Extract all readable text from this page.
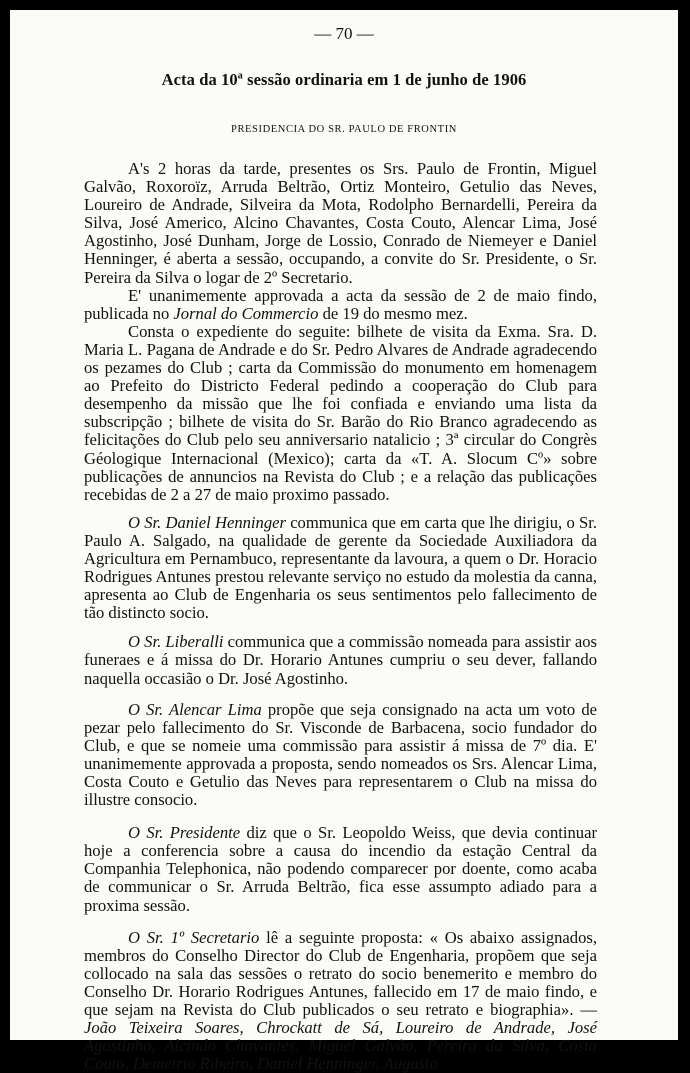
— 70 —
Acta da 10$^a$ sessão ordinaria em 1 de junho de 1906
PRESIDENCIA DO SR. PAULO DE FRONTIN

A's 2 horas da tarde, presentes os Srs. Paulo de Frontin, Miguel Galvão, Roxoroïz, Arruda Beltrão, Ortiz Monteiro, Getulio das Neves, Loureiro de Andrade, Silveira da Mota, Rodolpho Bernardelli, Pereira da Silva, José Americo, Alcino Chavantes, Costa Couto, Alencar Lima, José Agostinho, José Dunham, Jorge de Lossio, Conrado de Niemeyer e Daniel Henninger, é aberta a sessão, occupando, a convite do Sr. Presidente, o Sr. Pereira da Silva o logar de 2º Secretario.

E' unanimemente approvada a acta da sessão de 2 de maio findo, publicada no Jornal do Commercio de 19 do mesmo mez.

Consta o expediente do seguite: bilhete de visita da Exma. Sra. D. Maria L. Pagana de Andrade e do Sr. Pedro Alvares de Andrade agradecendo os pezames do Club ; carta da Commissão do monumento em homenagem ao Prefeito do Districto Federal pedindo a cooperação do Club para desempenho da missão que lhe foi confiada e enviando uma lista da subscripção ; bilhete de visita do Sr. Barão do Rio Branco agradecendo as felicitações do Club pelo seu anniversario natalicio ; 3ª circular do Congrès Géologique Internacional (Mexico); carta da «T. A. Slocum Cº» sobre publicações de annuncios na Revista do Club ; e a relação das publicações recebidas de 2 a 27 de maio proximo passado.

O Sr. Daniel Henninger communica que em carta que lhe dirigiu, o Sr. Paulo A. Salgado, na qualidade de gerente da Sociedade Auxiliadora da Agricultura em Pernambuco, representante da lavoura, a quem o Dr. Horacio Rodrigues Antunes prestou relevante serviço no estudo da molestia da canna, apresenta ao Club de Engenharia os seus sentimentos pelo fallecimento de tão distincto socio.

O Sr. Liberalli communica que a commissão nomeada para assistir aos funeraes e á missa do Dr. Horario Antunes cumpriu o seu dever, fallando naquella occasião o Dr. José Agostinho.

O Sr. Alencar Lima propõe que seja consignado na acta um voto de pezar pelo fallecimento do Sr. Visconde de Barbacena, socio fundador do Club, e que se nomeie uma commissão para assistir á missa de 7º dia. E' unanimemente approvada a proposta, sendo nomeados os Srs. Alencar Lima, Costa Couto e Getulio das Neves para representarem o Club na missa do illustre consocio.

O Sr. Presidente diz que o Sr. Leopoldo Weiss, que devia continuar hoje a conferencia sobre a causa do incendio da estação Central da Companhia Telephonica, não podendo comparecer por doente, como acaba de communicar o Sr. Arruda Beltrão, fica esse assumpto adiado para a proxima sessão.

O Sr. 1º Secretario lê a seguinte proposta: « Os abaixo assignados, membros do Conselho Director do Club de Engenharia, propõem que seja collocado na sala das sessões o retrato do socio benemerito e membro do Conselho Dr. Horario Rodrigues Antunes, fallecido em 17 de maio findo, e que sejam na Revista do Club publicados o seu retrato e biographia». — João Teixeira Soares, Chrockatt de Sá, Loureiro de Andrade, José Agostinho, Alcindo Chavantes, Miguel Galvão, Pereira da Silva, Costa Couto, Demetrio Ribeiro, Daniel Henninger, Augusto
